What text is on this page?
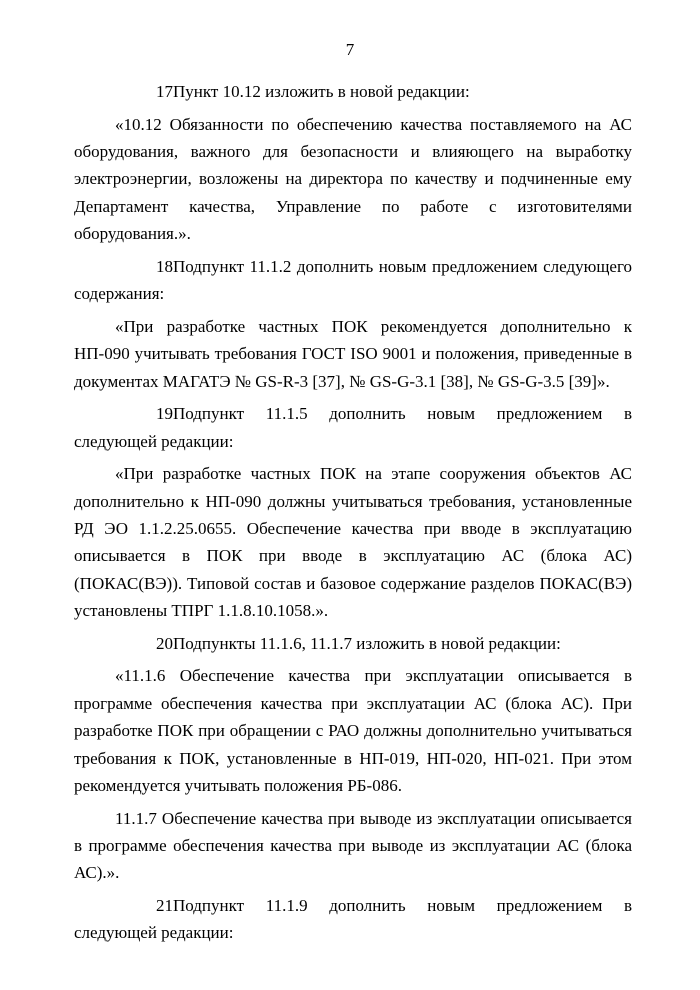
7

17Пункт 10.12 изложить в новой редакции:

«10.12 Обязанности по обеспечению качества поставляемого на АС оборудования, важного для безопасности и влияющего на выработку электроэнергии, возложены на директора по качеству и подчиненные ему Департамент качества, Управление по работе с изготовителями оборудования.».

18Подпункт 11.1.2 дополнить новым предложением следующего содержания:

«При разработке частных ПОК рекомендуется дополнительно к НП-090 учитывать требования ГОСТ ISO 9001 и положения, приведенные в документах МАГАТЭ № GS-R-3 [37], № GS-G-3.1 [38], № GS-G-3.5 [39]».

19Подпункт 11.1.5 дополнить новым предложением в следующей редакции:

«При разработке частных ПОК на этапе сооружения объектов АС дополнительно к НП-090 должны учитываться требования, установленные РД ЭО 1.1.2.25.0655. Обеспечение качества при вводе в эксплуатацию описывается в ПОК при вводе в эксплуатацию АС (блока АС) (ПОКАС(ВЭ)). Типовой состав и базовое содержание разделов ПОКАС(ВЭ) установлены ТПРГ 1.1.8.10.1058.».

20Подпункты 11.1.6, 11.1.7 изложить в новой редакции:

«11.1.6 Обеспечение качества при эксплуатации описывается в программе обеспечения качества при эксплуатации АС (блока АС). При разработке ПОК при обращении с РАО должны дополнительно учитываться требования к ПОК, установленные в НП-019, НП-020, НП-021. При этом рекомендуется учитывать положения РБ-086.

11.1.7 Обеспечение качества при выводе из эксплуатации описывается в программе обеспечения качества при выводе из эксплуатации АС (блока АС).».

21Подпункт 11.1.9 дополнить новым предложением в следующей редакции:
